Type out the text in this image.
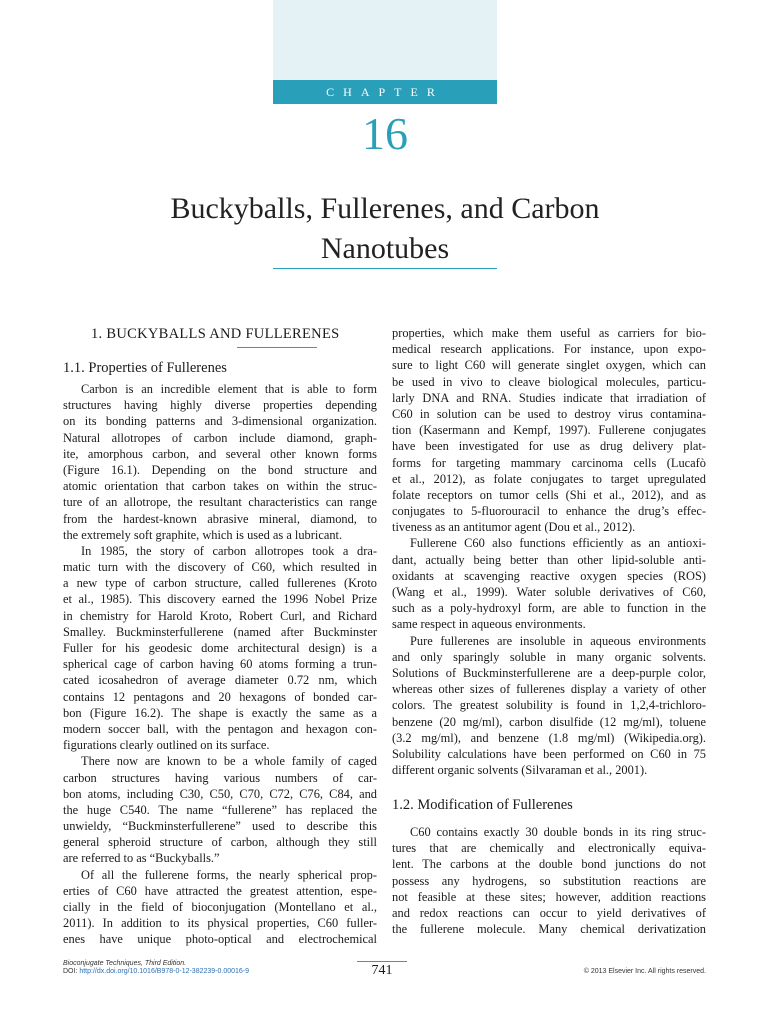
CHAPTER
16
Buckyballs, Fullerenes, and Carbon
Nanotubes
1. BUCKYBALLS AND FULLERENES
1.1. Properties of Fullerenes
Carbon is an incredible element that is able to form
structures having highly diverse properties depending
on its bonding patterns and 3-dimensional organization.
Natural allotropes of carbon include diamond, graph-
ite, amorphous carbon, and several other known forms
(Figure 16.1). Depending on the bond structure and
atomic orientation that carbon takes on within the struc-
ture of an allotrope, the resultant characteristics can range
from the hardest-known abrasive mineral, diamond, to
the extremely soft graphite, which is used as a lubricant.
In 1985, the story of carbon allotropes took a dra-
matic turn with the discovery of C60, which resulted in
a new type of carbon structure, called fullerenes (Kroto
et al., 1985). This discovery earned the 1996 Nobel Prize
in chemistry for Harold Kroto, Robert Curl, and Richard
Smalley. Buckminsterfullerene (named after Buckminster
Fuller for his geodesic dome architectural design) is a
spherical cage of carbon having 60 atoms forming a trun-
cated icosahedron of average diameter 0.72 nm, which
contains 12 pentagons and 20 hexagons of bonded car-
bon (Figure 16.2). The shape is exactly the same as a
modern soccer ball, with the pentagon and hexagon con-
figurations clearly outlined on its surface.
There now are known to be a whole family of caged
carbon structures having various numbers of car-
bon atoms, including C30, C50, C70, C72, C76, C84, and
the huge C540. The name “fullerene” has replaced the
unwieldy, “Buckminsterfullerene” used to describe this
general spheroid structure of carbon, although they still
are referred to as “Buckyballs.”
Of all the fullerene forms, the nearly spherical prop-
erties of C60 have attracted the greatest attention, espe-
cially in the field of bioconjugation (Montellano et al.,
2011). In addition to its physical properties, C60 fuller-
enes have unique photo-optical and electrochemical
properties, which make them useful as carriers for bio-
medical research applications. For instance, upon expo-
sure to light C60 will generate singlet oxygen, which can
be used in vivo to cleave biological molecules, particu-
larly DNA and RNA. Studies indicate that irradiation of
C60 in solution can be used to destroy virus contamina-
tion (Kasermann and Kempf, 1997). Fullerene conjugates
have been investigated for use as drug delivery plat-
forms for targeting mammary carcinoma cells (Lucafò
et al., 2012), as folate conjugates to target upregulated
folate receptors on tumor cells (Shi et al., 2012), and as
conjugates to 5-fluorouracil to enhance the drug’s effec-
tiveness as an antitumor agent (Dou et al., 2012).
Fullerene C60 also functions efficiently as an antioxi-
dant, actually being better than other lipid-soluble anti-
oxidants at scavenging reactive oxygen species (ROS)
(Wang et al., 1999). Water soluble derivatives of C60,
such as a poly-hydroxyl form, are able to function in the
same respect in aqueous environments.
Pure fullerenes are insoluble in aqueous environments
and only sparingly soluble in many organic solvents.
Solutions of Buckminsterfullerene are a deep-purple color,
whereas other sizes of fullerenes display a variety of other
colors. The greatest solubility is found in 1,2,4-trichloro-
benzene (20 mg/ml), carbon disulfide (12 mg/ml), toluene
(3.2 mg/ml), and benzene (1.8 mg/ml) (Wikipedia.org).
Solubility calculations have been performed on C60 in 75
different organic solvents (Silvaraman et al., 2001).
1.2. Modification of Fullerenes
C60 contains exactly 30 double bonds in its ring struc-
tures that are chemically and electronically equiva-
lent. The carbons at the double bond junctions do not
possess any hydrogens, so substitution reactions are
not feasible at these sites; however, addition reactions
and redox reactions can occur to yield derivatives of
the fullerene molecule. Many chemical derivatization
Bioconjugate Techniques, Third Edition.
DOI: http://dx.doi.org/10.1016/B978-0-12-382239-0.00016-9	741	© 2013 Elsevier Inc. All rights reserved.
